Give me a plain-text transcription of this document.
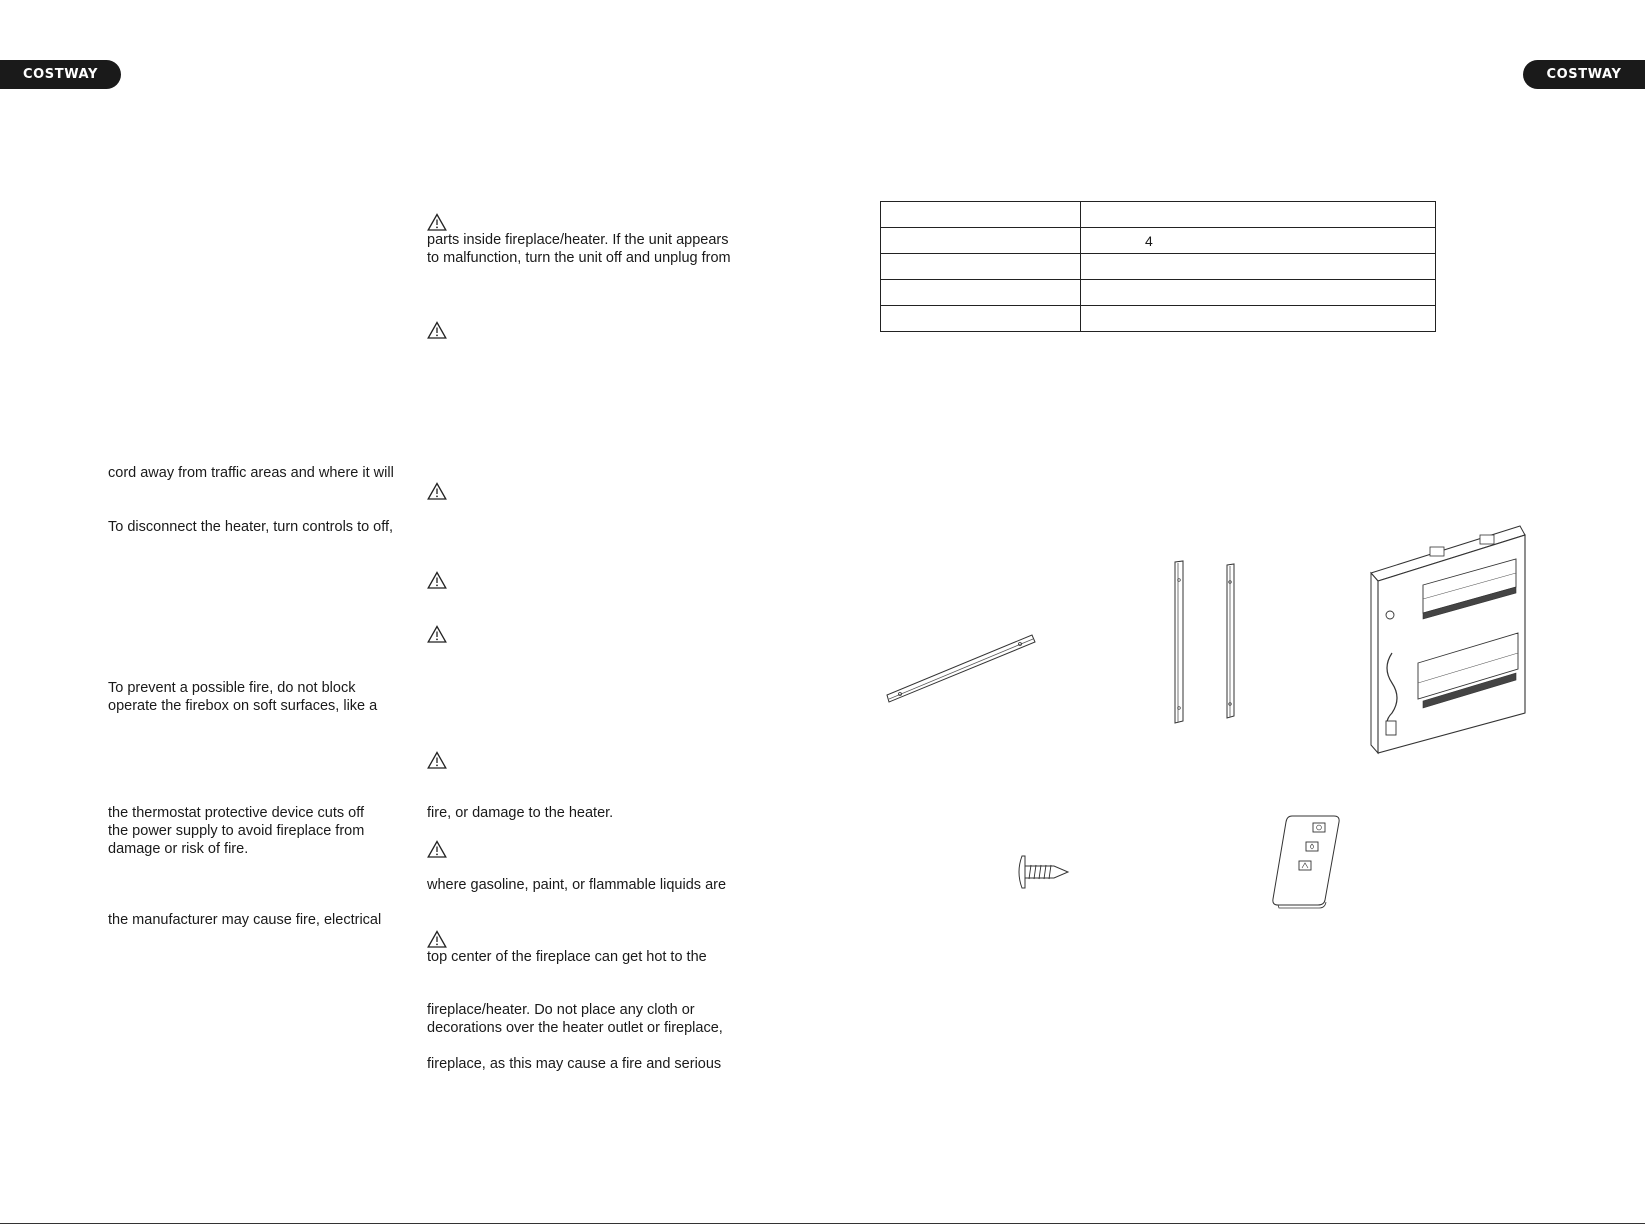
COSTWAY	COSTWAY
cord away from traffic areas and where it will
To disconnect the heater, turn controls to off,
To prevent a possible fire, do not block
operate the firebox on soft surfaces, like a
the thermostat protective device cuts off
the power supply to avoid fireplace from
damage or risk of fire.
the manufacturer may cause fire, electrical
parts inside fireplace/heater. If the unit appears
to malfunction, turn the unit off and unplug from
fire, or damage to the heater.
where gasoline, paint, or flammable liquids are
top center of the fireplace can get hot to the
fireplace/heater. Do not place any cloth or
decorations over the heater outlet or fireplace,
fireplace, as this may cause a fire and serious

	4
